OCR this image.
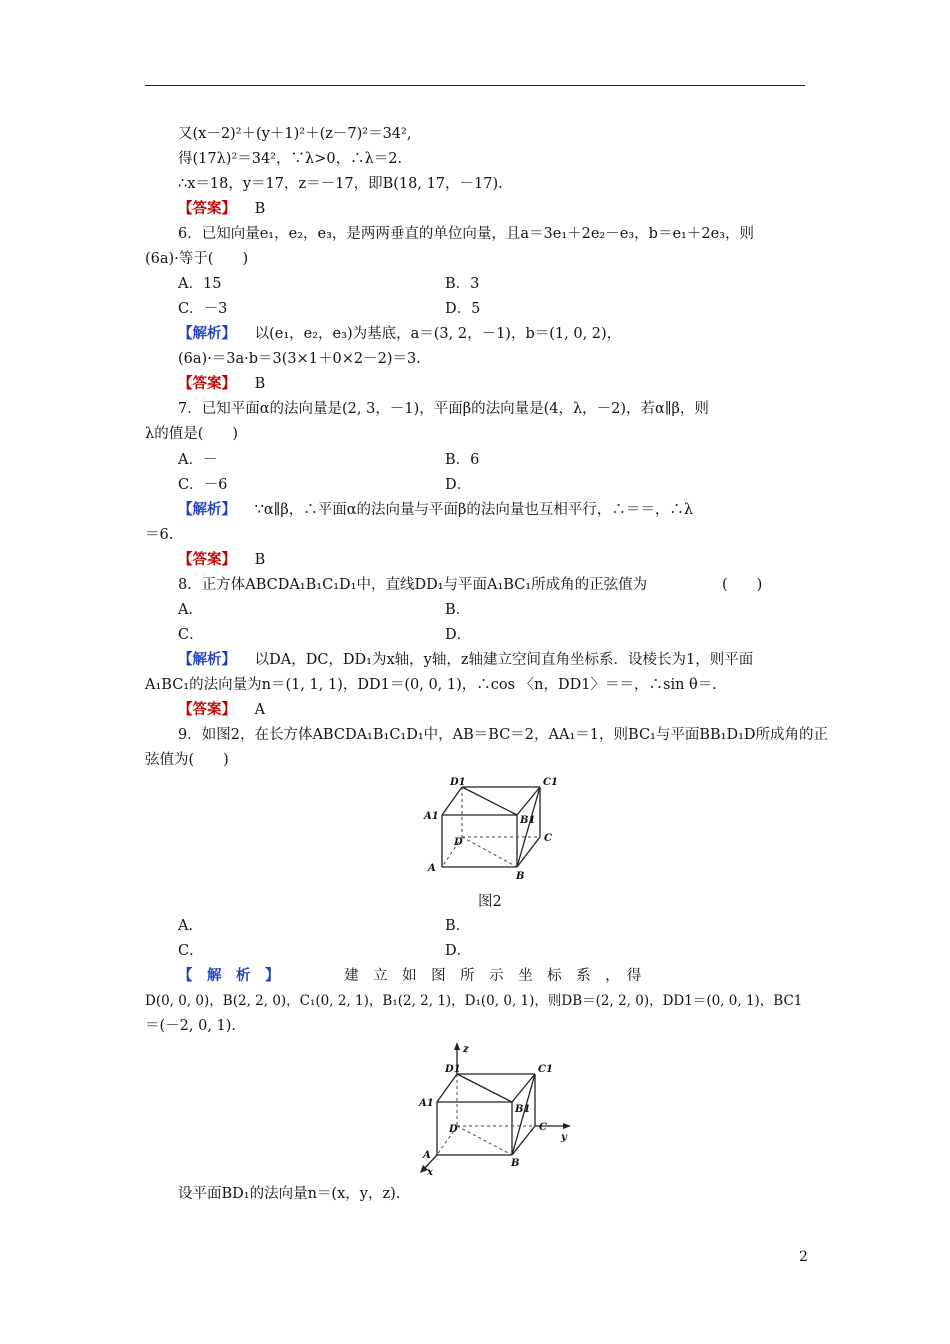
又(x－2)²＋(y＋1)²＋(z－7)²＝34²,
得(17λ)²＝34²，∵λ>0，∴λ＝2.
∴x＝18，y＝17，z＝－17，即B(18, 17，－17).
【答案】 B
6．已知向量e₁，e₂，e₃，是两两垂直的单位向量，且a＝3e₁＋2e₂－e₃，b＝e₁＋2e₃，则
(6a)·等于(　　)
A．15	B．3
C．－3	D．5
【解析】 以(e₁，e₂，e₃)为基底，a＝(3, 2，－1)，b＝(1, 0, 2)，
(6a)·＝3a·b＝3(3×1＋0×2－2)＝3.
【答案】 B
7．已知平面α的法向量是(2, 3，－1)，平面β的法向量是(4，λ，－2)，若α∥β，则
λ的值是(　　)
A．－	B．6
C．－6	D．
【解析】 ∵α∥β，∴平面α的法向量与平面β的法向量也互相平行，∴＝＝，∴λ
＝6.
【答案】 B
8．正方体ABCDA₁B₁C₁D₁中，直线DD₁与平面A₁BC₁所成角的正弦值为	(　　)
A．	B．
C．	D．
【解析】 以DA，DC，DD₁为x轴，y轴，z轴建立空间直角坐标系．设棱长为1，则平面
A₁BC₁的法向量为n＝(1, 1, 1)，DD1＝(0, 0, 1)，∴cos 〈n，DD1〉＝＝，∴sin θ＝.
【答案】 A
9．如图2，在长方体ABCDA₁B₁C₁D₁中，AB＝BC＝2，AA₁＝1，则BC₁与平面BB₁D₁D所成角的正
弦值为(　　)
D1	C1
A1	B1
D	C
A
B
图2
A．	B．
C．	D．
【　解　析　】	建　立　如　图　所　示　坐　标　系　，　得
D(0, 0, 0)，B(2, 2, 0)，C₁(0, 2, 1)，B₁(2, 2, 1)，D₁(0, 0, 1)，则DB＝(2, 2, 0)，DD1＝(0, 0, 1)，BC1
＝(－2, 0, 1).
z
y
x
D1	C1
A1
B1
D	C
A
B
设平面BD₁的法向量n＝(x，y，z).
2
